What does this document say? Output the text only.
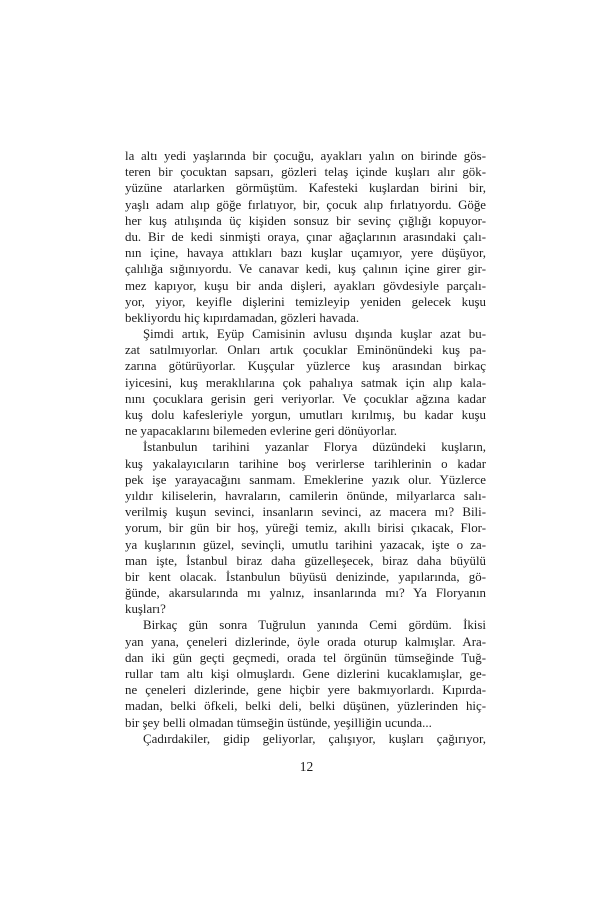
la altı yedi yaşlarında bir çocuğu, ayakları yalın on birinde gös-
teren bir çocuktan sapsarı, gözleri telaş içinde kuşları alır gök-
yüzüne atarlarken görmüştüm. Kafesteki kuşlardan birini bir,
yaşlı adam alıp göğe fırlatıyor, bir, çocuk alıp fırlatıyordu. Göğe
her kuş atılışında üç kişiden sonsuz bir sevinç çığlığı kopuyor-
du. Bir de kedi sinmişti oraya, çınar ağaçlarının arasındaki çalı-
nın içine, havaya attıkları bazı kuşlar uçamıyor, yere düşüyor,
çalılığa sığınıyordu. Ve canavar kedi, kuş çalının içine girer gir-
mez kapıyor, kuşu bir anda dişleri, ayakları gövdesiyle parçalı-
yor, yiyor, keyifle dişlerini temizleyip yeniden gelecek kuşu
bekliyordu hiç kıpırdamadan, gözleri havada.
Şimdi artık, Eyüp Camisinin avlusu dışında kuşlar azat bu-
zat satılmıyorlar. Onları artık çocuklar Eminönündeki kuş pa-
zarına götürüyorlar. Kuşçular yüzlerce kuş arasından birkaç
iyicesini, kuş meraklılarına çok pahalıya satmak için alıp kala-
nını çocuklara gerisin geri veriyorlar. Ve çocuklar ağzına kadar
kuş dolu kafesleriyle yorgun, umutları kırılmış, bu kadar kuşu
ne yapacaklarını bilemeden evlerine geri dönüyorlar.
İstanbulun tarihini yazanlar Florya düzündeki kuşların,
kuş yakalayıcıların tarihine boş verirlerse tarihlerinin o kadar
pek işe yarayacağını sanmam. Emeklerine yazık olur. Yüzlerce
yıldır kiliselerin, havraların, camilerin önünde, milyarlarca salı-
verilmiş kuşun sevinci, insanların sevinci, az macera mı? Bili-
yorum, bir gün bir hoş, yüreği temiz, akıllı birisi çıkacak, Flor-
ya kuşlarının güzel, sevinçli, umutlu tarihini yazacak, işte o za-
man işte, İstanbul biraz daha güzelleşecek, biraz daha büyülü
bir kent olacak. İstanbulun büyüsü denizinde, yapılarında, gö-
ğünde, akarsularında mı yalnız, insanlarında mı? Ya Floryanın
kuşları?
Birkaç gün sonra Tuğrulun yanında Cemi gördüm. İkisi
yan yana, çeneleri dizlerinde, öyle orada oturup kalmışlar. Ara-
dan iki gün geçti geçmedi, orada tel örgünün tümseğinde Tuğ-
rullar tam altı kişi olmuşlardı. Gene dizlerini kucaklamışlar, ge-
ne çeneleri dizlerinde, gene hiçbir yere bakmıyorlardı. Kıpırda-
madan, belki öfkeli, belki deli, belki düşünen, yüzlerinden hiç-
bir şey belli olmadan tümseğin üstünde, yeşilliğin ucunda...
Çadırdakiler, gidip geliyorlar, çalışıyor, kuşları çağırıyor,
12
